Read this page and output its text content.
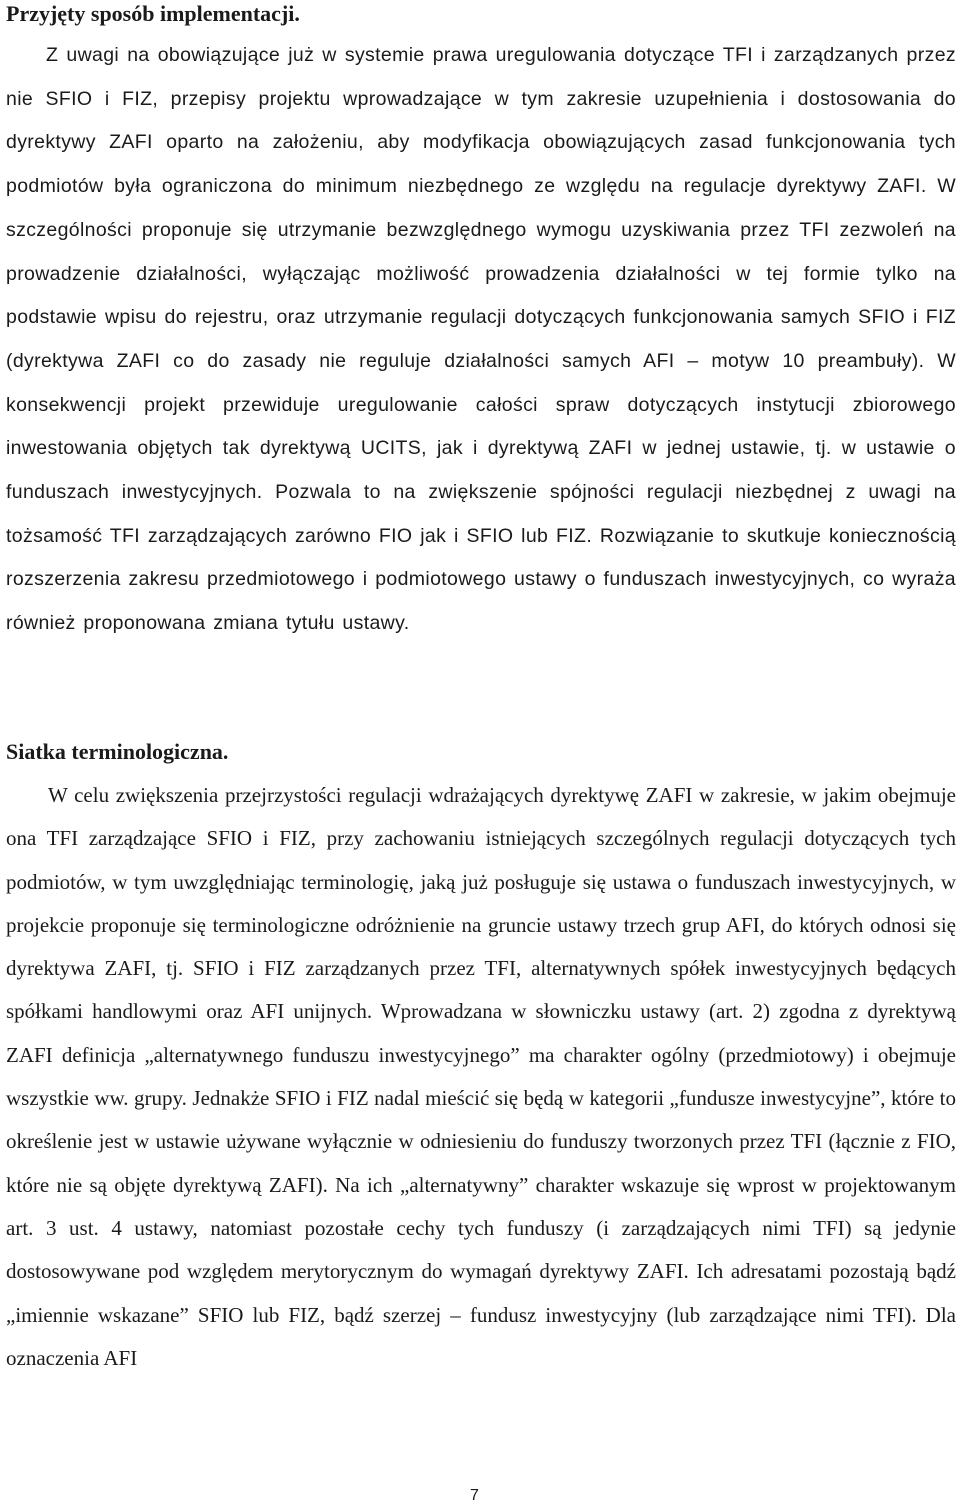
Przyjęty sposób implementacji.

Z uwagi na obowiązujące już w systemie prawa uregulowania dotyczące TFI i zarządzanych przez nie SFIO i FIZ, przepisy projektu wprowadzające w tym zakresie uzupełnienia i dostosowania do dyrektywy ZAFI oparto na założeniu, aby modyfikacja obowiązujących zasad funkcjonowania tych podmiotów była ograniczona do minimum niezbędnego ze względu na regulacje dyrektywy ZAFI. W szczególności proponuje się utrzymanie bezwzględnego wymogu uzyskiwania przez TFI zezwoleń na prowadzenie działalności, wyłączając możliwość prowadzenia działalności w tej formie tylko na podstawie wpisu do rejestru, oraz utrzymanie regulacji dotyczących funkcjonowania samych SFIO i FIZ (dyrektywa ZAFI co do zasady nie reguluje działalności samych AFI – motyw 10 preambuły). W konsekwencji projekt przewiduje uregulowanie całości spraw dotyczących instytucji zbiorowego inwestowania objętych tak dyrektywą UCITS, jak i dyrektywą ZAFI w jednej ustawie, tj. w ustawie o funduszach inwestycyjnych. Pozwala to na zwiększenie spójności regulacji niezbędnej z uwagi na tożsamość TFI zarządzających zarówno FIO jak i SFIO lub FIZ. Rozwiązanie to skutkuje koniecznością rozszerzenia zakresu przedmiotowego i podmiotowego ustawy o funduszach inwestycyjnych, co wyraża również proponowana zmiana tytułu ustawy.

Siatka terminologiczna.

W celu zwiększenia przejrzystości regulacji wdrażających dyrektywę ZAFI w zakresie, w jakim obejmuje ona TFI zarządzające SFIO i FIZ, przy zachowaniu istniejących szczególnych regulacji dotyczących tych podmiotów, w tym uwzględniając terminologię, jaką już posługuje się ustawa o funduszach inwestycyjnych, w projekcie proponuje się terminologiczne odróżnienie na gruncie ustawy trzech grup AFI, do których odnosi się dyrektywa ZAFI, tj. SFIO i FIZ zarządzanych przez TFI, alternatywnych spółek inwestycyjnych będących spółkami handlowymi oraz AFI unijnych. Wprowadzana w słowniczku ustawy (art. 2) zgodna z dyrektywą ZAFI definicja „alternatywnego funduszu inwestycyjnego” ma charakter ogólny (przedmiotowy) i obejmuje wszystkie ww. grupy. Jednakże SFIO i FIZ nadal mieścić się będą w kategorii „fundusze inwestycyjne”, które to określenie jest w ustawie używane wyłącznie w odniesieniu do funduszy tworzonych przez TFI (łącznie z FIO, które nie są objęte dyrektywą ZAFI). Na ich „alternatywny” charakter wskazuje się wprost w projektowanym art. 3 ust. 4 ustawy, natomiast pozostałe cechy tych funduszy (i zarządzających nimi TFI) są jedynie dostosowywane pod względem merytorycznym do wymagań dyrektywy ZAFI. Ich adresatami pozostają bądź „imiennie wskazane” SFIO lub FIZ, bądź szerzej – fundusz inwestycyjny (lub zarządzające nimi TFI). Dla oznaczenia AFI

7
